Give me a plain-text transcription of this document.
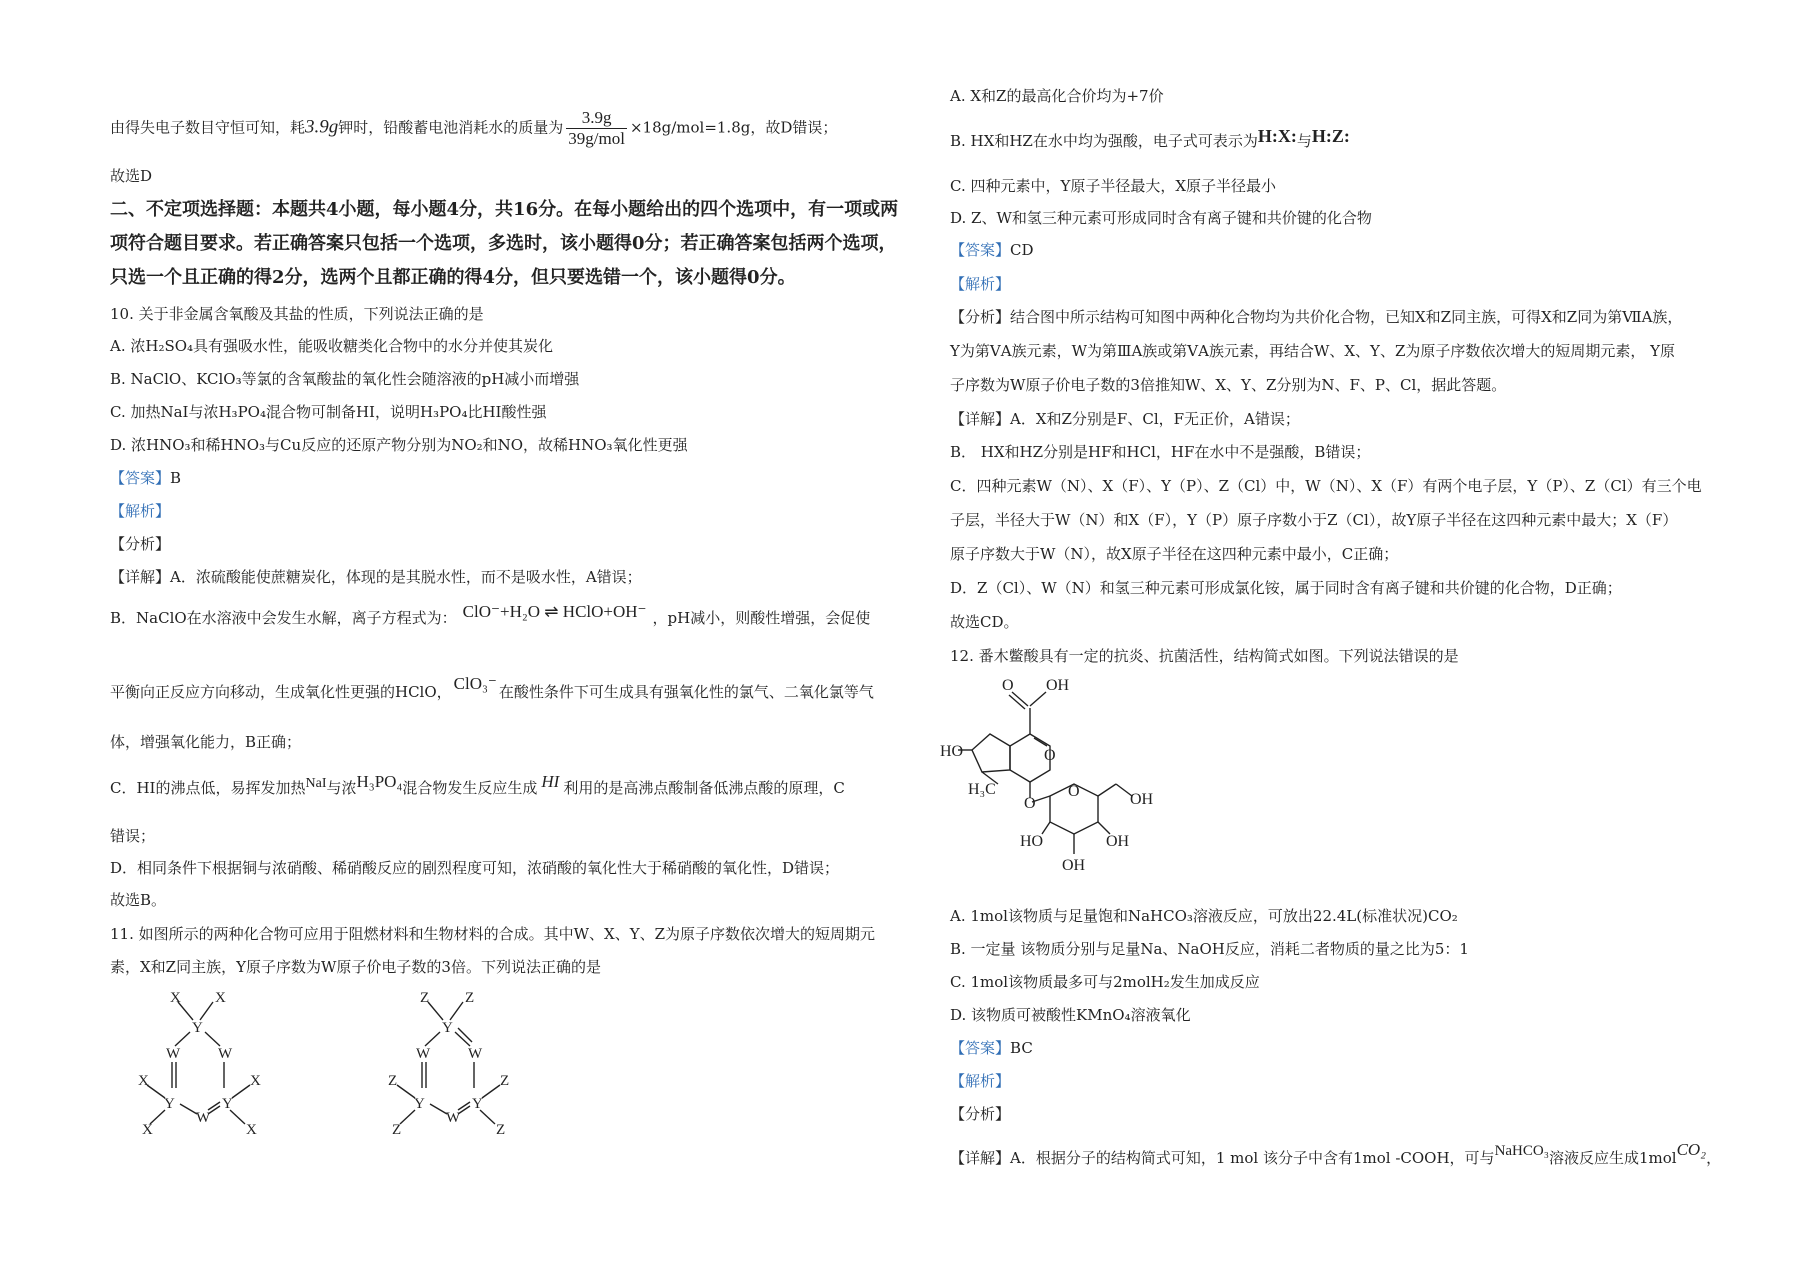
由得失电子数目守恒可知，耗3.9g钾时，铅酸蓄电池消耗水的质量为 $\frac{3.9g}{\text{39g/mol}} \times 18g/mol=1.8g$，故D错误；
故选D
二、不定项选择题：本题共4小题，每小题4分，共16分。在每小题给出的四个选项中，有一项或两
项符合题目要求。若正确答案只包括一个选项，多选时，该小题得0分；若正确答案包括两个选项，
只选一个且正确的得2分，选两个且都正确的得4分，但只要选错一个，该小题得0分。
10. 关于非金属含氧酸及其盐的性质，下列说法正确的是
A. 浓H₂SO₄具有强吸水性，能吸收糖类化合物中的水分并使其炭化
B. NaClO、KClO₃等氯的含氧酸盐的氧化性会随溶液的pH减小而增强
C. 加热NaI与浓H₃PO₄混合物可制备HI，说明H₃PO₄比HI酸性强
D. 浓HNO₃和稀HNO₃与Cu反应的还原产物分别为NO₂和NO，故稀HNO₃氧化性更强
【答案】B
【解析】
【分析】
【详解】A．浓硫酸能使蔗糖炭化，体现的是其脱水性，而不是吸水性，A错误；
B．NaClO在水溶液中会发生水解，离子方程式为： ClO⁻+H₂O ⇌ HClO+OH⁻ ，pH减小，则酸性增强，会促使
平衡向正反应方向移动，生成氧化性更强的HClO， ClO₃⁻ 在酸性条件下可生成具有强氧化性的氯气、二氧化氯等气
体，增强氧化能力，B正确；
C．HI的沸点低，易挥发加热NaI与浓H₃PO₄混合物发生反应生成 HI 利用的是高沸点酸制备低沸点酸的原理，C
错误；
D．相同条件下根据铜与浓硝酸、稀硝酸反应的剧烈程度可知，浓硝酸的氧化性大于稀硝酸的氧化性，D错误；
故选B。
11. 如图所示的两种化合物可应用于阻燃材料和生物材料的合成。其中W、X、Y、Z为原子序数依次增大的短周期元
素，X和Z同主族，Y原子序数为W原子价电子数的3倍。下列说法正确的是
X X
Y
W	W
X
Y
W
Y
X
X	X
Z Z
Y
W	W
Z
Y
W
Y
Z
Z	Z
A. X和Z的最高化合价均为+7价
B. HX和HZ在水中均为强酸，电子式可表示为H:X:与H:Z:
C. 四种元素中，Y原子半径最大，X原子半径最小
D. Z、W和氢三种元素可形成同时含有离子键和共价键的化合物
【答案】CD
【解析】
【分析】结合图中所示结构可知图中两种化合物均为共价化合物，已知X和Z同主族，可得X和Z同为第ⅦA族，
Y为第ⅤA族元素，W为第ⅢA族或第ⅤA族元素，再结合W、X、Y、Z为原子序数依次增大的短周期元素， Y原
子序数为W原子价电子数的3倍推知W、X、Y、Z分别为N、F、P、Cl，据此答题。
【详解】A．X和Z分别是F、Cl，F无正价，A错误；
B． HX和HZ分别是HF和HCl，HF在水中不是强酸，B错误；
C．四种元素W（N）、X（F）、Y（P）、Z（Cl）中，W（N）、X（F）有两个电子层，Y（P）、Z（Cl）有三个电
子层，半径大于W（N）和X（F），Y（P）原子序数小于Z（Cl），故Y原子半径在这四种元素中最大；X（F）
原子序数大于W（N），故X原子半径在这四种元素中最小，C正确；
D．Z（Cl）、W（N）和氢三种元素可形成氯化铵，属于同时含有离子键和共价键的化合物，D正确；
故选CD。
12. 番木鳖酸具有一定的抗炎、抗菌活性，结构简式如图。下列说法错误的是
O OH
HO
H₃C
O
O
O	OH
HO	OH
OH
A. 1mol该物质与足量饱和NaHCO₃溶液反应，可放出22.4L(标准状况)CO₂
B. 一定量 该物质分别与足量Na、NaOH反应，消耗二者物质的量之比为5：1
C. 1mol该物质最多可与2molH₂发生加成反应
D. 该物质可被酸性KMnO₄溶液氧化
【答案】BC
【解析】
【分析】
【详解】A．根据分子的结构简式可知，1 mol 该分子中含有1mol -COOH，可与NaHCO₃溶液反应生成1molCO₂，
